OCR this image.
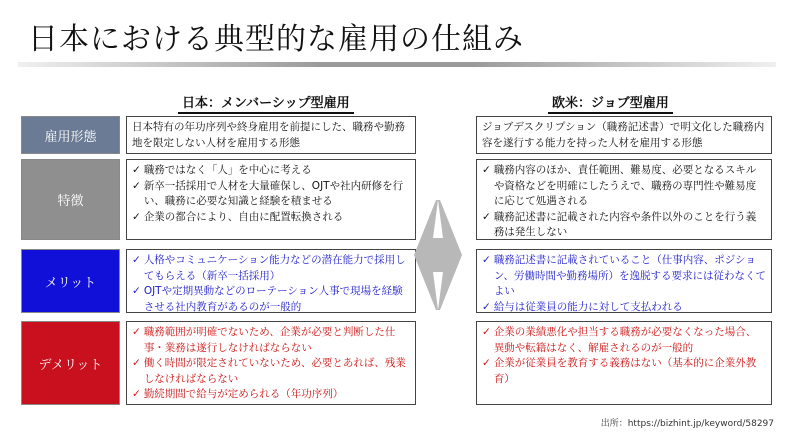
日本における典型的な雇用の仕組み
日本：メンバーシップ型雇用	欧米：ジョブ型雇用
雇用形態
日本特有の年功序列や終身雇用を前提にした、職務や勤務地を限定しない人材を雇用する形態
ジョブデスクリプション（職務記述書）で明文化した職務内容を遂行する能力を持った人材を雇用する形態
特徴
✓ 職務ではなく「人」を中心に考える
✓ 新卒一括採用で人材を大量確保し、OJTや社内研修を行い、職務に必要な知識と経験を積ませる
✓ 企業の都合により、自由に配置転換される
✓ 職務内容のほか、責任範囲、難易度、必要となるスキルや資格などを明確にしたうえで、職務の専門性や難易度に応じて処遇される
✓ 職務記述書に記載された内容や条件以外のことを行う義務は発生しない
メリット
✓ 人格やコミュニケーション能力などの潜在能力で採用してもらえる（新卒一括採用）
✓ OJTや定期異動などのローテーション人事で現場を経験させる社内教育があるのが一般的
✓ 職務記述書に記載されていること（仕事内容、ポジション、労働時間や勤務場所）を逸脱する要求には従わなくてよい
✓ 給与は従業員の能力に対して支払われる
デメリット
✓ 職務範囲が明確でないため、企業が必要と判断した仕事・業務は遂行しなければならない
✓ 働く時間が限定されていないため、必要とあれば、残業しなければならない
✓ 勤続期間で給与が定められる（年功序列）
✓ 企業の業績悪化や担当する職務が必要なくなった場合、異動や転籍はなく、解雇されるのが一般的
✓ 企業が従業員を教育する義務はない（基本的に企業外教育）
出所：https://bizhint.jp/keyword/58297
